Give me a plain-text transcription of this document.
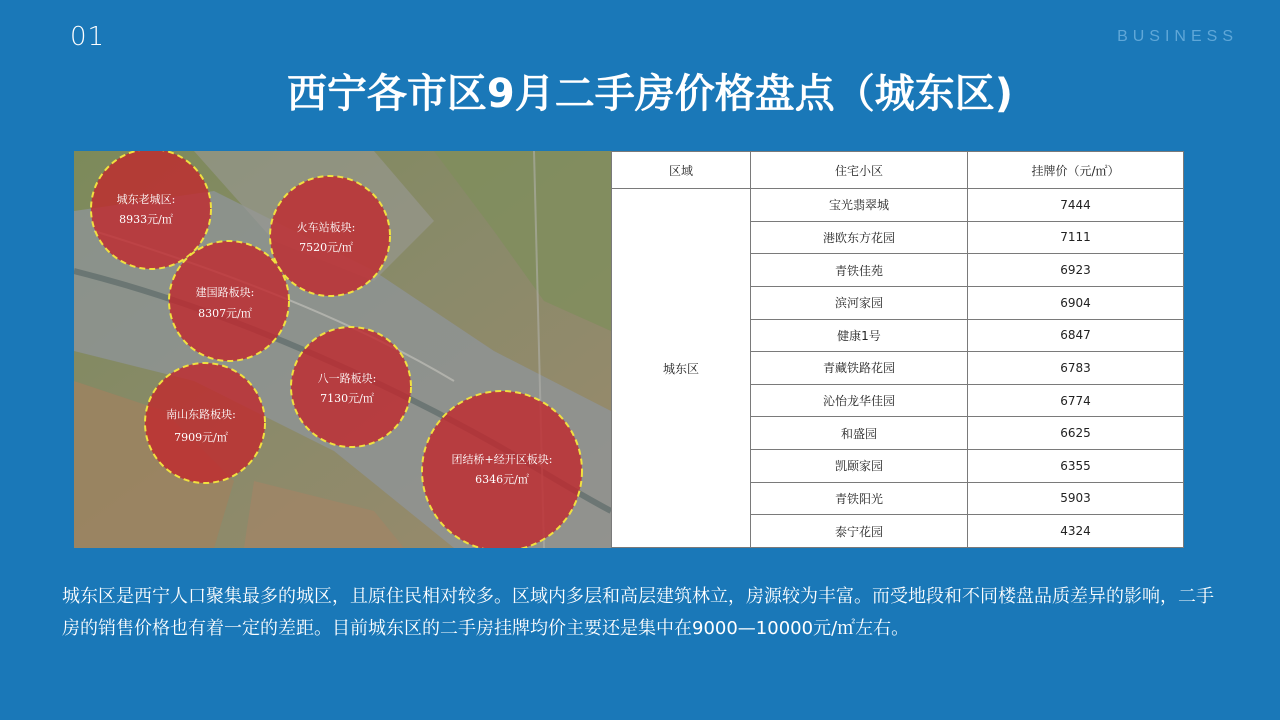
01	BUSINESS
西宁各市区9月二手房价格盘点（城东区)
城东老城区:
8933元/㎡
火车站板块:
7520元/㎡
建国路板块:
8307元/㎡
八一路板块:
7130元/㎡
南山东路板块:
7909元/㎡
团结桥+经开区板块:
6346元/㎡
区域	住宅小区	挂牌价（元/㎡）
城东区	宝光翡翠城	7444
	港欧东方花园	7111
	青铁佳苑	6923
	滨河家园	6904
	健康1号	6847
	青藏铁路花园	6783
	沁怡龙华佳园	6774
	和盛园	6625
	凯颐家园	6355
	青铁阳光	5903
	泰宁花园	4324
城东区是西宁人口聚集最多的城区，且原住民相对较多。区域内多层和高层建筑林立，房源较为丰富。而受地段和不同楼盘品质差异的影响，二手房的销售价格也有着一定的差距。目前城东区的二手房挂牌均价主要还是集中在9000—10000元/㎡左右。
